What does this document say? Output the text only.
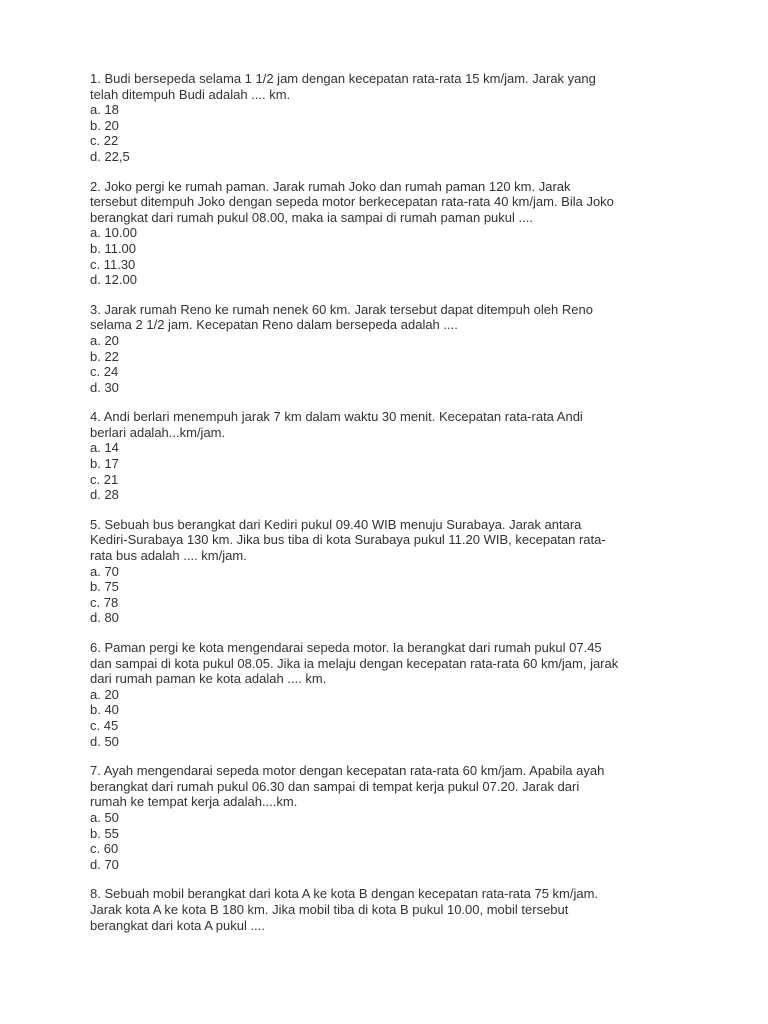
1. Budi bersepeda selama 1 1/2 jam dengan kecepatan rata-rata 15 km/jam. Jarak yang
telah ditempuh Budi adalah .... km.

a. 18
b. 20
c. 22
d. 22,5

2. Joko pergi ke rumah paman. Jarak rumah Joko dan rumah paman 120 km. Jarak
tersebut ditempuh Joko dengan sepeda motor berkecepatan rata-rata 40 km/jam. Bila Joko
berangkat dari rumah pukul 08.00, maka ia sampai di rumah paman pukul ....

a. 10.00
b. 11.00
c. 11.30
d. 12.00

3. Jarak rumah Reno ke rumah nenek 60 km. Jarak tersebut dapat ditempuh oleh Reno
selama 2 1/2 jam. Kecepatan Reno dalam bersepeda adalah ....

a. 20
b. 22
c. 24
d. 30

4. Andi berlari menempuh jarak 7 km dalam waktu 30 menit. Kecepatan rata-rata Andi
berlari adalah...km/jam.

a. 14
b. 17
c. 21
d. 28

5. Sebuah bus berangkat dari Kediri pukul 09.40 WIB menuju Surabaya. Jarak antara
Kediri-Surabaya 130 km. Jika bus tiba di kota Surabaya pukul 11.20 WIB, kecepatan rata-
rata bus adalah .... km/jam.

a. 70
b. 75
c. 78
d. 80

6. Paman pergi ke kota mengendarai sepeda motor. Ia berangkat dari rumah pukul 07.45
dan sampai di kota pukul 08.05. Jika ia melaju dengan kecepatan rata-rata 60 km/jam, jarak
dari rumah paman ke kota adalah .... km.

a. 20
b. 40
c. 45
d. 50

7. Ayah mengendarai sepeda motor dengan kecepatan rata-rata 60 km/jam. Apabila ayah
berangkat dari rumah pukul 06.30 dan sampai di tempat kerja pukul 07.20. Jarak dari
rumah ke tempat kerja adalah....km.

a. 50
b. 55
c. 60
d. 70

8. Sebuah mobil berangkat dari kota A ke kota B dengan kecepatan rata-rata 75 km/jam.
Jarak kota A ke kota B 180 km. Jika mobil tiba di kota B pukul 10.00, mobil tersebut
berangkat dari kota A pukul ....
